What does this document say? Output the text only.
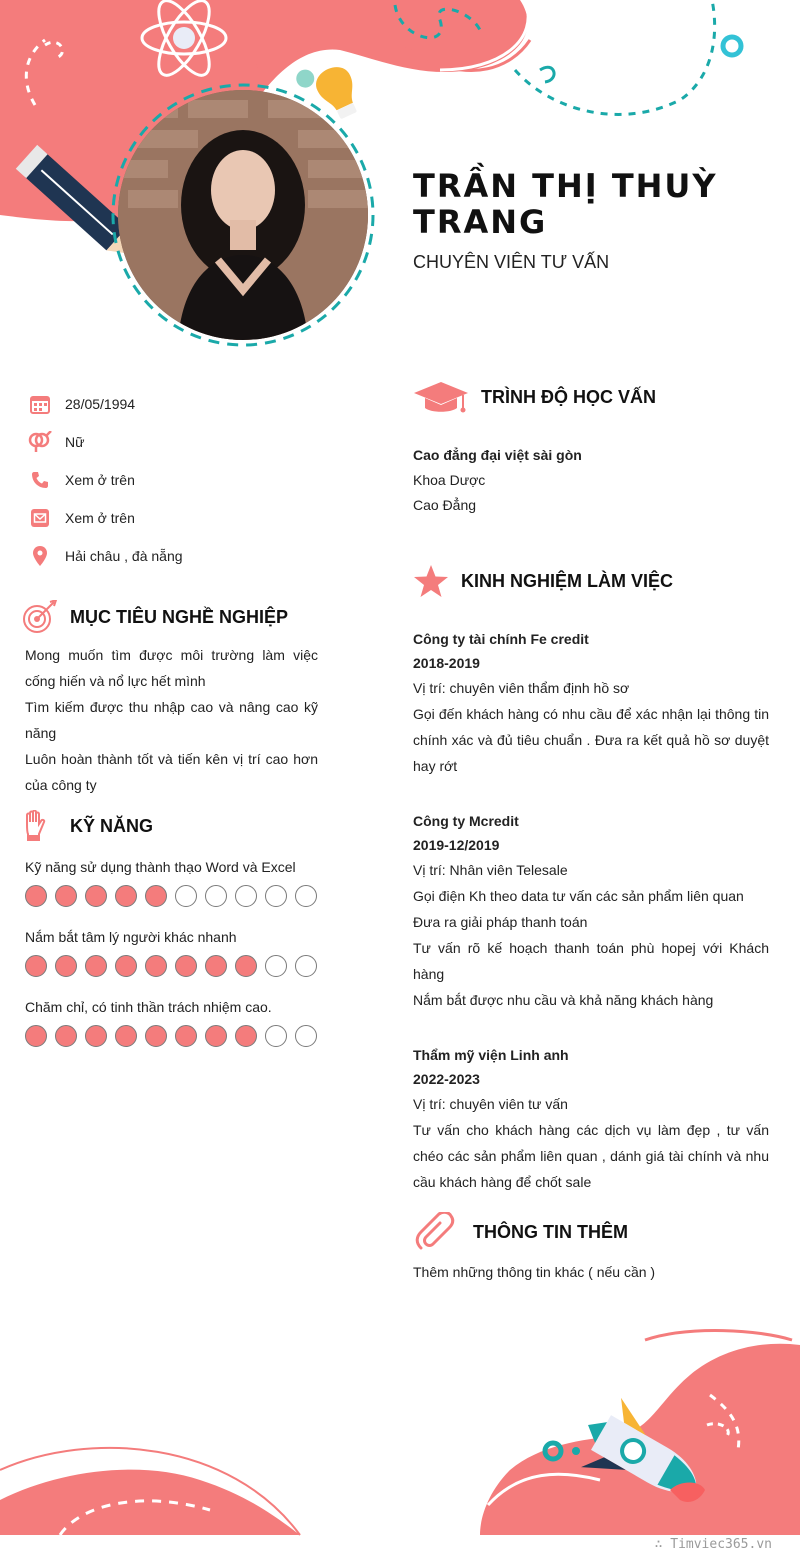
TRẦN THỊ THUỲ TRANG
CHUYÊN VIÊN TƯ VẤN
28/05/1994
Nữ
Xem ở trên
Xem ở trên
Hải châu , đà nẵng
MỤC TIÊU NGHỀ NGHIỆP

Mong muốn tìm được môi trường làm việc cống hiến và nổ lực hết mình

Tìm kiếm được thu nhập cao và nâng cao kỹ năng

Luôn hoàn thành tốt và tiến kên vị trí cao hơn của công ty

KỸ NĂNG
Kỹ năng sử dụng thành thạo Word và Excel
Nắm bắt tâm lý người khác nhanh
Chăm chỉ, có tinh thần trách nhiệm cao.
TRÌNH ĐỘ HỌC VẤN
Cao đẳng đại việt sài gòn
Khoa Dược
Cao Đẳng
KINH NGHIỆM LÀM VIỆC
Công ty tài chính Fe credit
2018-2019
Vị trí: chuyên viên thẩm định hồ sơ
Gọi đến khách hàng có nhu cầu để xác nhận lại thông tin chính xác và đủ tiêu chuẩn . Đưa ra kết quả hồ sơ duyệt hay rớt
Công ty Mcredit
2019-12/2019
Vị trí: Nhân viên Telesale
Gọi điện Kh theo data tư vấn các sản phẩm liên quan
Đưa ra giải pháp thanh toán
Tư vấn rõ kế hoạch thanh toán phù hopej với Khách hàng
Nắm bắt được nhu cầu và khả năng khách hàng
Thẩm mỹ viện Linh anh
2022-2023
Vị trí: chuyên viên tư vấn
Tư vấn cho khách hàng các dịch vụ làm đẹp , tư vấn chéo các sản phẩm liên quan , dánh giá tài chính và nhu cầu khách hàng để chốt sale
THÔNG TIN THÊM
Thêm những thông tin khác ( nếu cần )
∴ Timviec365.vn
